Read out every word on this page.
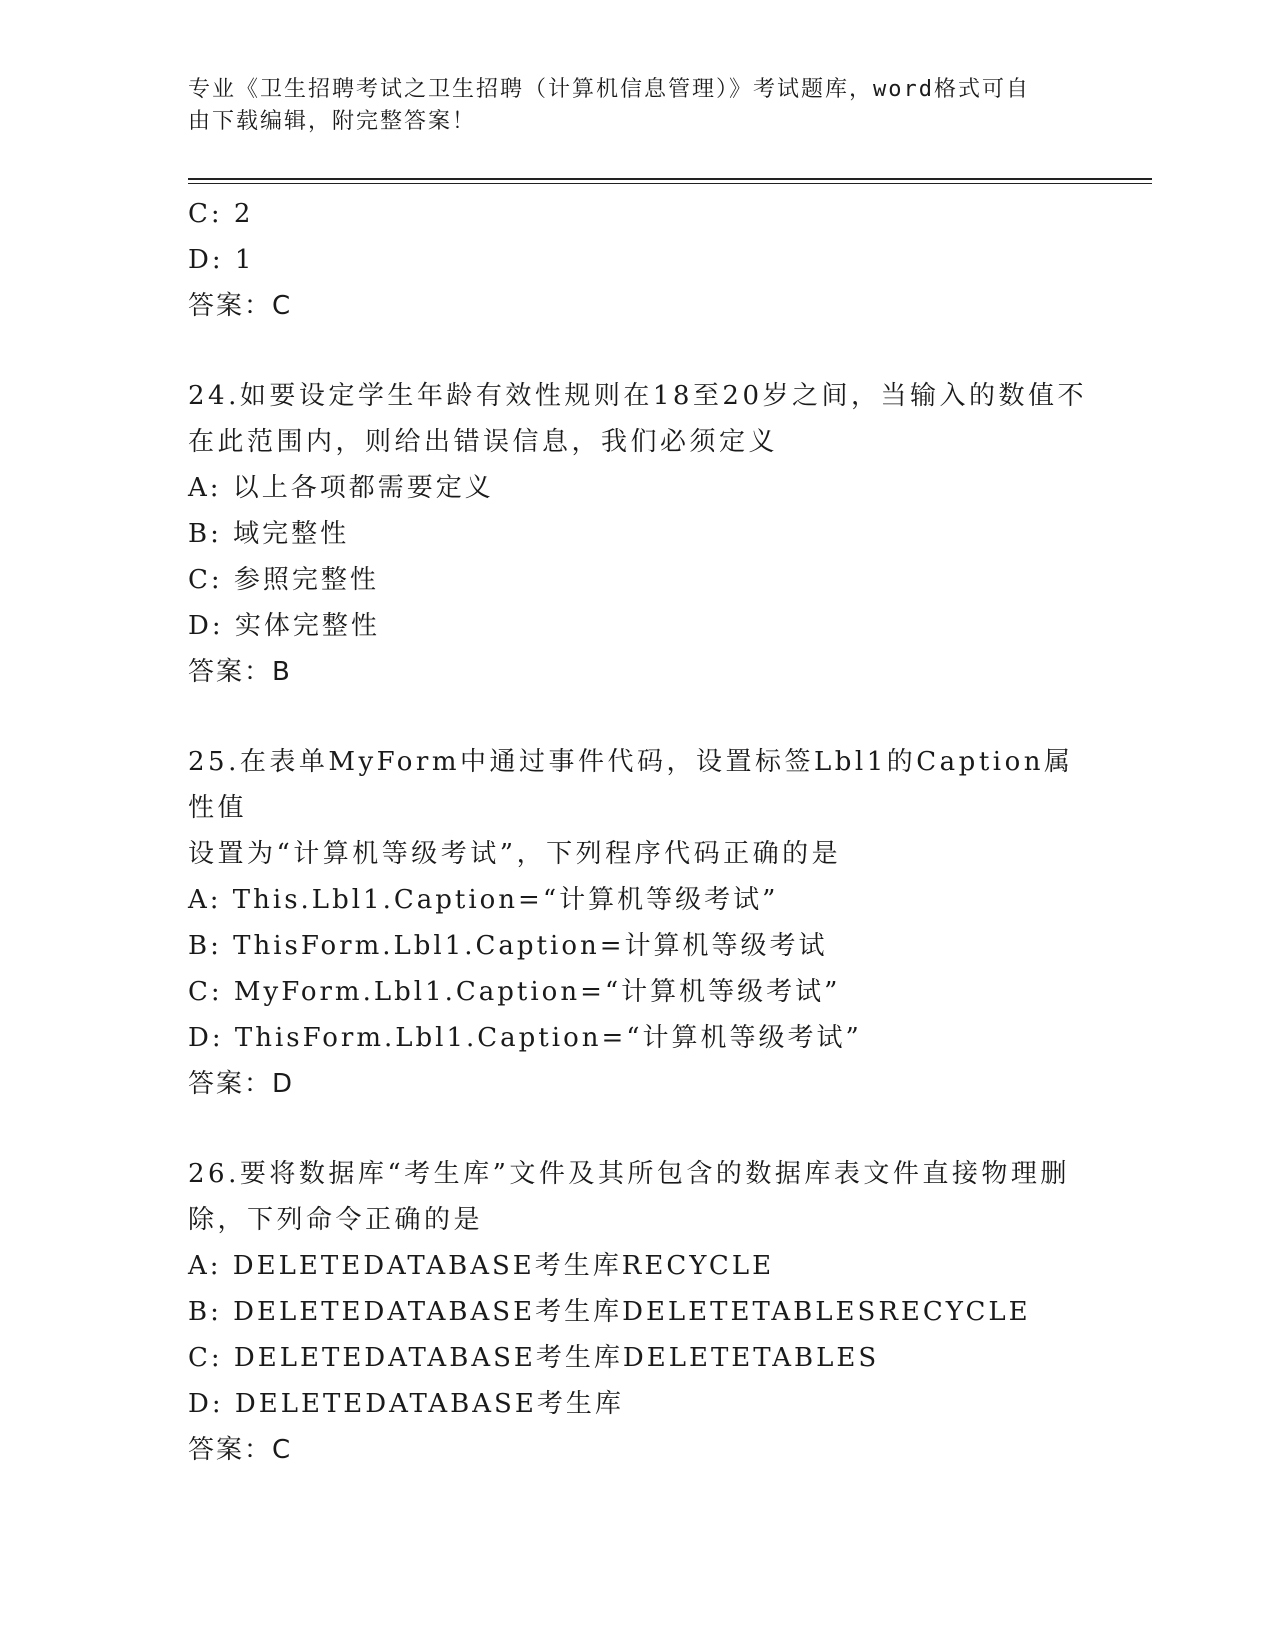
专业《卫生招聘考试之卫生招聘（计算机信息管理）》考试题库，word格式可自
由下载编辑，附完整答案！
C: 2
D: 1
答案：C
24.如要设定学生年龄有效性规则在18至20岁之间，当输入的数值不
在此范围内，则给出错误信息，我们必须定义
A: 以上各项都需要定义
B: 域完整性
C: 参照完整性
D: 实体完整性
答案：B
25.在表单MyForm中通过事件代码，设置标签Lbl1的Caption属性值
设置为“计算机等级考试”，下列程序代码正确的是
A: This.Lbl1.Caption=“计算机等级考试”
B: ThisForm.Lbl1.Caption=计算机等级考试
C: MyForm.Lbl1.Caption=“计算机等级考试”
D: ThisForm.Lbl1.Caption=“计算机等级考试”
答案：D
26.要将数据库“考生库”文件及其所包含的数据库表文件直接物理删
除，下列命令正确的是
A: DELETEDATABASE考生库RECYCLE
B: DELETEDATABASE考生库DELETETABLESRECYCLE
C: DELETEDATABASE考生库DELETETABLES
D: DELETEDATABASE考生库
答案：C
